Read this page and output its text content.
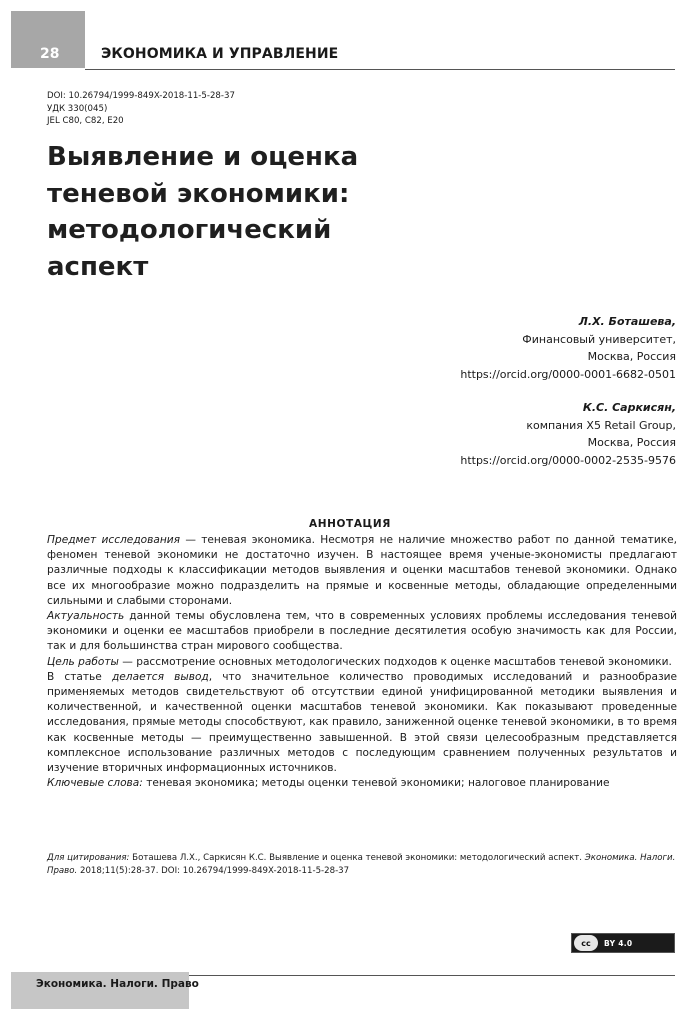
28	ЭКОНОМИКА И УПРАВЛЕНИЕ
DOI: 10.26794/1999-849X-2018-11-5-28-37
УДК 330(045)
JEL C80, C82, E20
Выявление и оценка
теневой экономики:
методологический
аспект
Л.Х. Боташева,
Финансовый университет,
Москва, Россия
https://orcid.org/0000-0001-6682-0501
К.С. Саркисян,
компания X5 Retail Group,
Москва, Россия
https://orcid.org/0000-0002-2535-9576
АННОТАЦИЯ

Предмет исследования — теневая экономика. Несмотря не наличие множество работ по данной тематике, феномен теневой экономики не достаточно изучен. В настоящее время ученые-экономисты предлагают различные подходы к классификации методов выявления и оценки масштабов теневой экономики. Однако все их многообразие можно подразделить на прямые и косвенные методы, обладающие определенными сильными и слабыми сторонами.

Актуальность данной темы обусловлена тем, что в современных условиях проблемы исследования теневой экономики и оценки ее масштабов приобрели в последние десятилетия особую значимость как для России, так и для большинства стран мирового сообщества.

Цель работы — рассмотрение основных методологических подходов к оценке масштабов теневой экономики.

В статье делается вывод, что значительное количество проводимых исследований и разнообразие применяемых методов свидетельствуют об отсутствии единой унифицированной методики выявления и количественной, и качественной оценки масштабов теневой экономики. Как показывают проведенные исследования, прямые методы способствуют, как правило, заниженной оценке теневой экономики, в то время как косвенные методы — преимущественно завышенной. В этой связи целесообразным представляется комплексное использование различных методов с последующим сравнением полученных результатов и изучение вторичных информационных источников.

Ключевые слова: теневая экономика; методы оценки теневой экономики; налоговое планирование

Для цитирования: Боташева Л.Х., Саркисян К.С. Выявление и оценка теневой экономики: методологический аспект. Экономика. Налоги. Право. 2018;11(5):28-37. DOI: 10.26794/1999-849X-2018-11-5-28-37
cc	BY 4.0
Экономика. Налоги. Право
